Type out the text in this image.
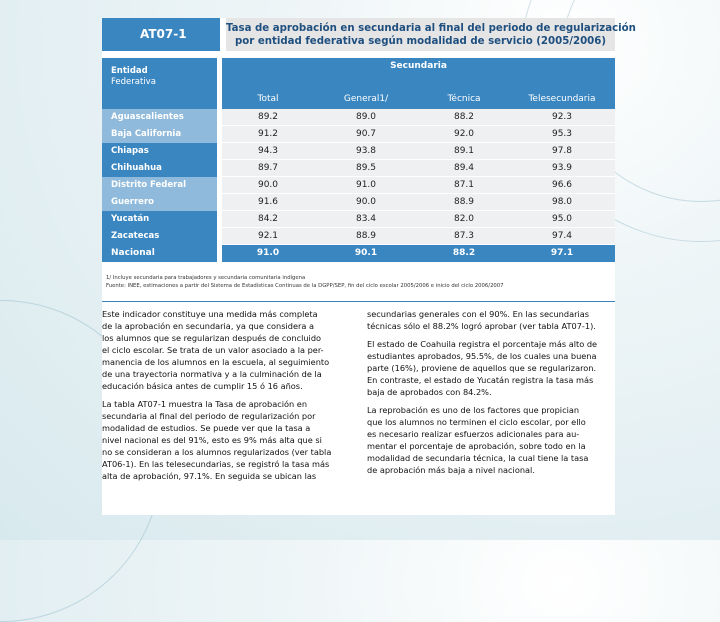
AT07-1	Tasa de aprobación en secundaria al final del periodo de regularización
por entidad federativa según modalidad de servicio (2005/2006)
Entidad
Federativa
Secundaria
Total	General1/	Técnica	Telesecundaria
Aguascalientes	89.2	89.0	88.2	92.3
Baja California	91.2	90.7	92.0	95.3
Chiapas	94.3	93.8	89.1	97.8
Chihuahua	89.7	89.5	89.4	93.9
Distrito Federal	90.0	91.0	87.1	96.6
Guerrero	91.6	90.0	88.9	98.0
Yucatán	84.2	83.4	82.0	95.0
Zacatecas	92.1	88.9	87.3	97.4
Nacional	91.0	90.1	88.2	97.1
1/ Incluye secundaria para trabajadores y secundaria comunitaria indígena
Fuente: INEE, estimaciones a partir del Sistema de Estadísticas Continuas de la DGPP/SEP, fin del ciclo escolar 2005/2006 e inicio del ciclo 2006/2007

Este indicador constituye una medida más completa
de la aprobación en secundaria, ya que considera a
los alumnos que se regularizan después de concluido
el ciclo escolar. Se trata de un valor asociado a la per-
manencia de los alumnos en la escuela, al seguimiento
de una trayectoria normativa y a la culminación de la
educación básica antes de cumplir 15 ó 16 años.

La tabla AT07-1 muestra la Tasa de aprobación en
secundaria al final del periodo de regularización por
modalidad de estudios. Se puede ver que la tasa a
nivel nacional es del 91%, esto es 9% más alta que si
no se consideran a los alumnos regularizados (ver tabla
AT06-1). En las telesecundarias, se registró la tasa más
alta de aprobación, 97.1%. En seguida se ubican las

secundarias generales con el 90%. En las secundarias
técnicas sólo el 88.2% logró aprobar (ver tabla AT07-1).

El estado de Coahuila registra el porcentaje más alto de
estudiantes aprobados, 95.5%, de los cuales una buena
parte (16%), proviene de aquellos que se regularizaron.
En contraste, el estado de Yucatán registra la tasa más
baja de aprobados con 84.2%.

La reprobación es uno de los factores que propician
que los alumnos no terminen el ciclo escolar, por ello
es necesario realizar esfuerzos adicionales para au-
mentar el porcentaje de aprobación, sobre todo en la
modalidad de secundaria técnica, la cual tiene la tasa
de aprobación más baja a nivel nacional.
